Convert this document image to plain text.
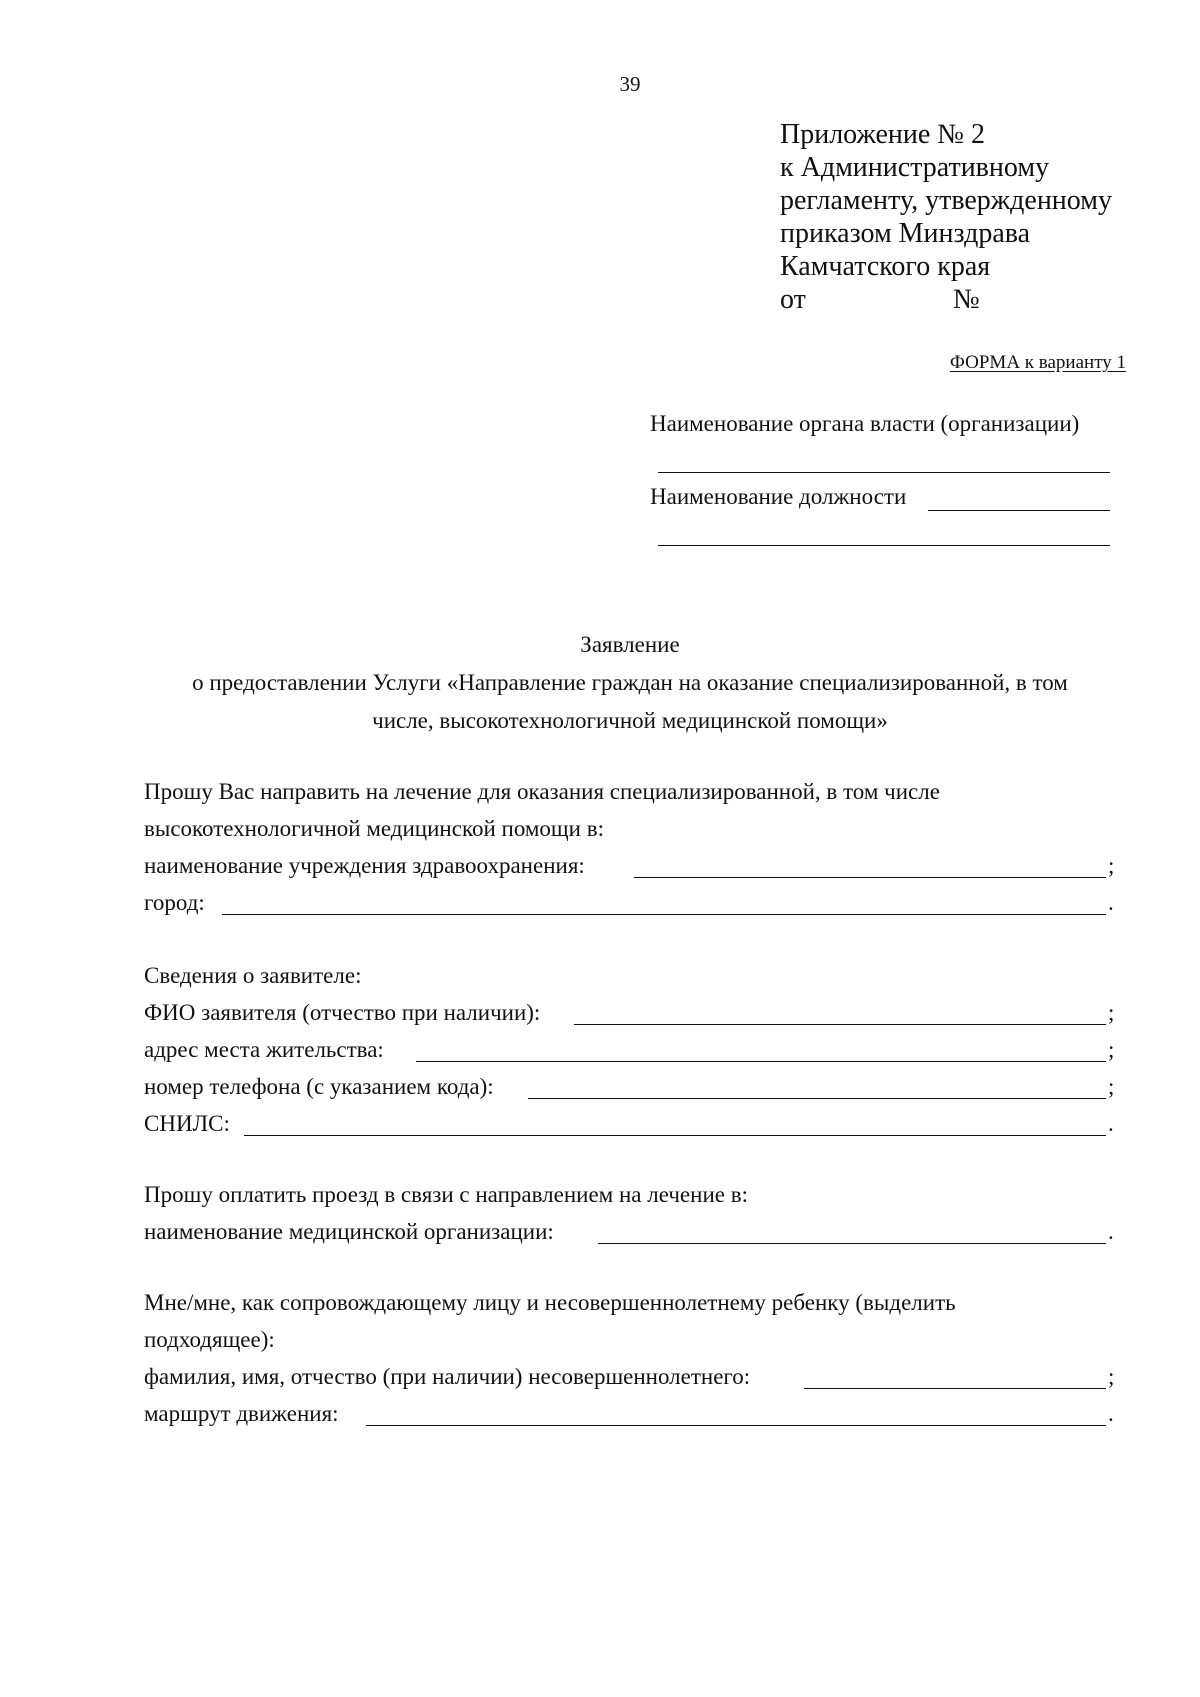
39
Приложение № 2
к Административному
регламенту, утвержденному
приказом Минздрава
Камчатского края
от	№
ФОРМА к варианту 1
Наименование органа власти (организации)
Наименование должности
Заявление
о предоставлении Услуги «Направление граждан на оказание специализированной, в том
числе, высокотехнологичной медицинской помощи»
Прошу Вас направить на лечение для оказания специализированной, в том числе
высокотехнологичной медицинской помощи в:
наименование учреждения здравоохранения:	;
город:	.
Сведения о заявителе:
ФИО заявителя (отчество при наличии):	;
адрес места жительства:	;
номер телефона (с указанием кода):	;
СНИЛС:	.
Прошу оплатить проезд в связи с направлением на лечение в:
наименование медицинской организации:	.
Мне/мне, как сопровождающему лицу и несовершеннолетнему ребенку (выделить
подходящее):
фамилия, имя, отчество (при наличии) несовершеннолетнего:	;
маршрут движения:	.
